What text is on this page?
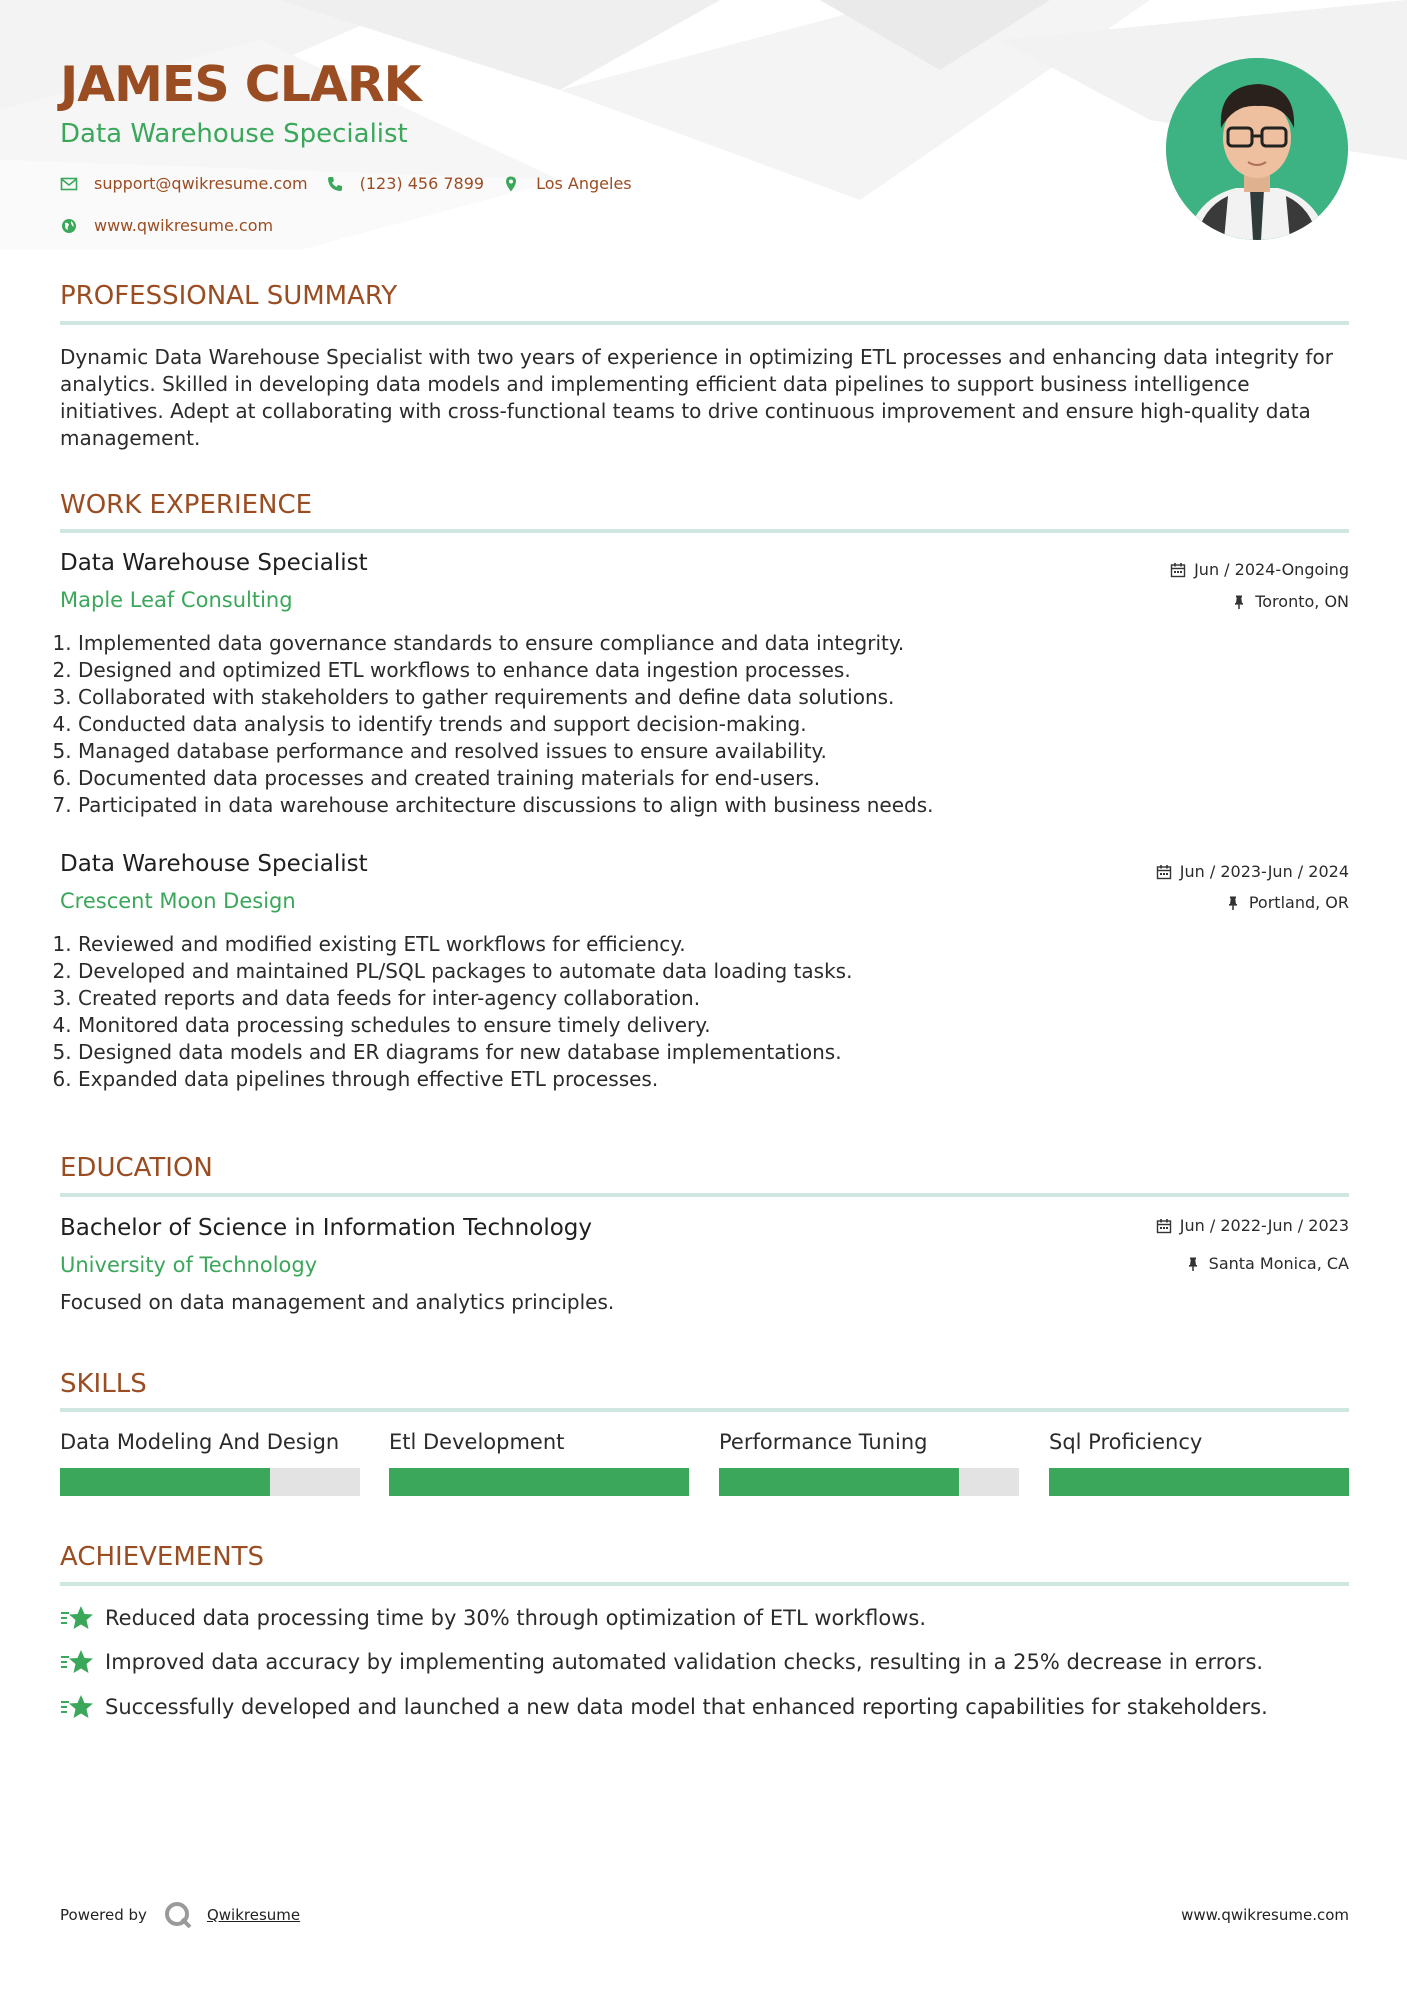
JAMES CLARK
Data Warehouse Specialist
support@qwikresume.com	(123) 456 7899	Los Angeles
www.qwikresume.com
PROFESSIONAL SUMMARY

Dynamic Data Warehouse Specialist with two years of experience in optimizing ETL processes and enhancing data integrity for analytics. Skilled in developing data models and implementing efficient data pipelines to support business intelligence initiatives. Adept at collaborating with cross-functional teams to drive continuous improvement and ensure high-quality data management.

WORK EXPERIENCE
Data Warehouse Specialist
Maple Leaf Consulting
Jun / 2024-Ongoing
Toronto, ON
1. Implemented data governance standards to ensure compliance and data integrity.
2. Designed and optimized ETL workflows to enhance data ingestion processes.
3. Collaborated with stakeholders to gather requirements and define data solutions.
4. Conducted data analysis to identify trends and support decision-making.
5. Managed database performance and resolved issues to ensure availability.
6. Documented data processes and created training materials for end-users.
7. Participated in data warehouse architecture discussions to align with business needs.
Data Warehouse Specialist
Crescent Moon Design
Jun / 2023-Jun / 2024
Portland, OR
1. Reviewed and modified existing ETL workflows for efficiency.
2. Developed and maintained PL/SQL packages to automate data loading tasks.
3. Created reports and data feeds for inter-agency collaboration.
4. Monitored data processing schedules to ensure timely delivery.
5. Designed data models and ER diagrams for new database implementations.
6. Expanded data pipelines through effective ETL processes.
EDUCATION
Bachelor of Science in Information Technology
University of Technology
Jun / 2022-Jun / 2023
Santa Monica, CA

Focused on data management and analytics principles.

SKILLS
Data Modeling And Design Etl Development	Performance Tuning	Sql Proficiency
ACHIEVEMENTS
Reduced data processing time by 30% through optimization of ETL workflows.
Improved data accuracy by implementing automated validation checks, resulting in a 25% decrease in errors.
Successfully developed and launched a new data model that enhanced reporting capabilities for stakeholders.
Powered by	Qwikresume	www.qwikresume.com
